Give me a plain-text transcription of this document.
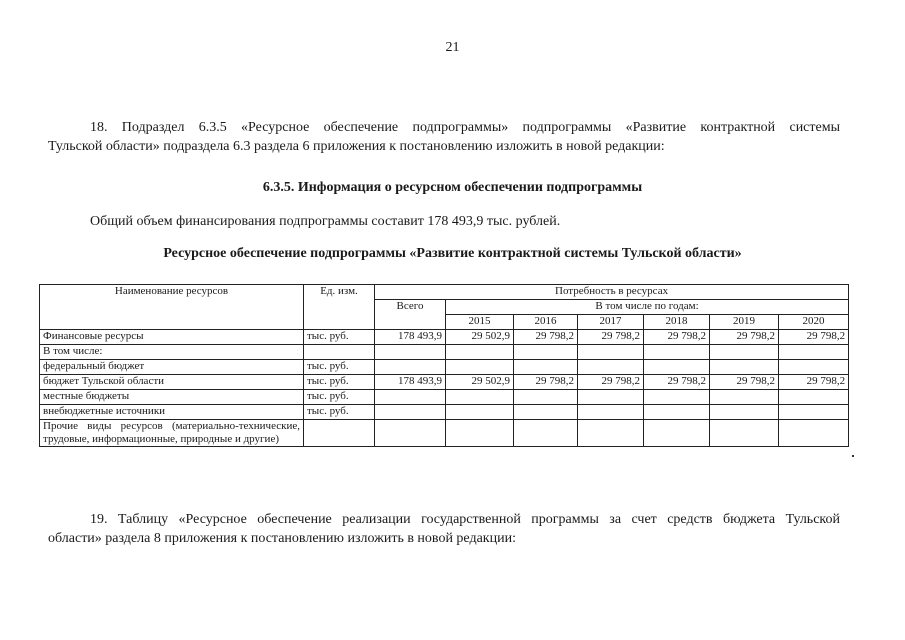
21
18. Подраздел 6.3.5 «Ресурсное обеспечение подпрограммы» подпрограммы «Развитие контрактной системы
Тульской области» подраздела 6.3 раздела 6 приложения к постановлению изложить в новой редакции:
6.3.5. Информация о ресурсном обеспечении подпрограммы
Общий объем финансирования подпрограммы составит 178 493,9 тыс. рублей.
Ресурсное обеспечение подпрограммы «Развитие контрактной системы Тульской области»
Наименование ресурсов	Ед. изм.	Потребность в ресурсах						
		Всего	В том числе по годам:					
			2015	2016	2017	2018	2019	2020
Финансовые ресурсы	тыс. руб.	178 493,9	29 502,9	29 798,2	29 798,2	29 798,2	29 798,2	29 798,2
В том числе:								
федеральный бюджет	тыс. руб.							
бюджет Тульской области	тыс. руб.	178 493,9	29 502,9	29 798,2	29 798,2	29 798,2	29 798,2	29 798,2
местные бюджеты	тыс. руб.							
внебюджетные источники	тыс. руб.							
Прочие виды ресурсов (материально-технические, трудовые, информационные, природные и другие)								
19. Таблицу «Ресурсное обеспечение реализации государственной программы за счет средств бюджета Тульской
области» раздела 8 приложения к постановлению изложить в новой редакции:
